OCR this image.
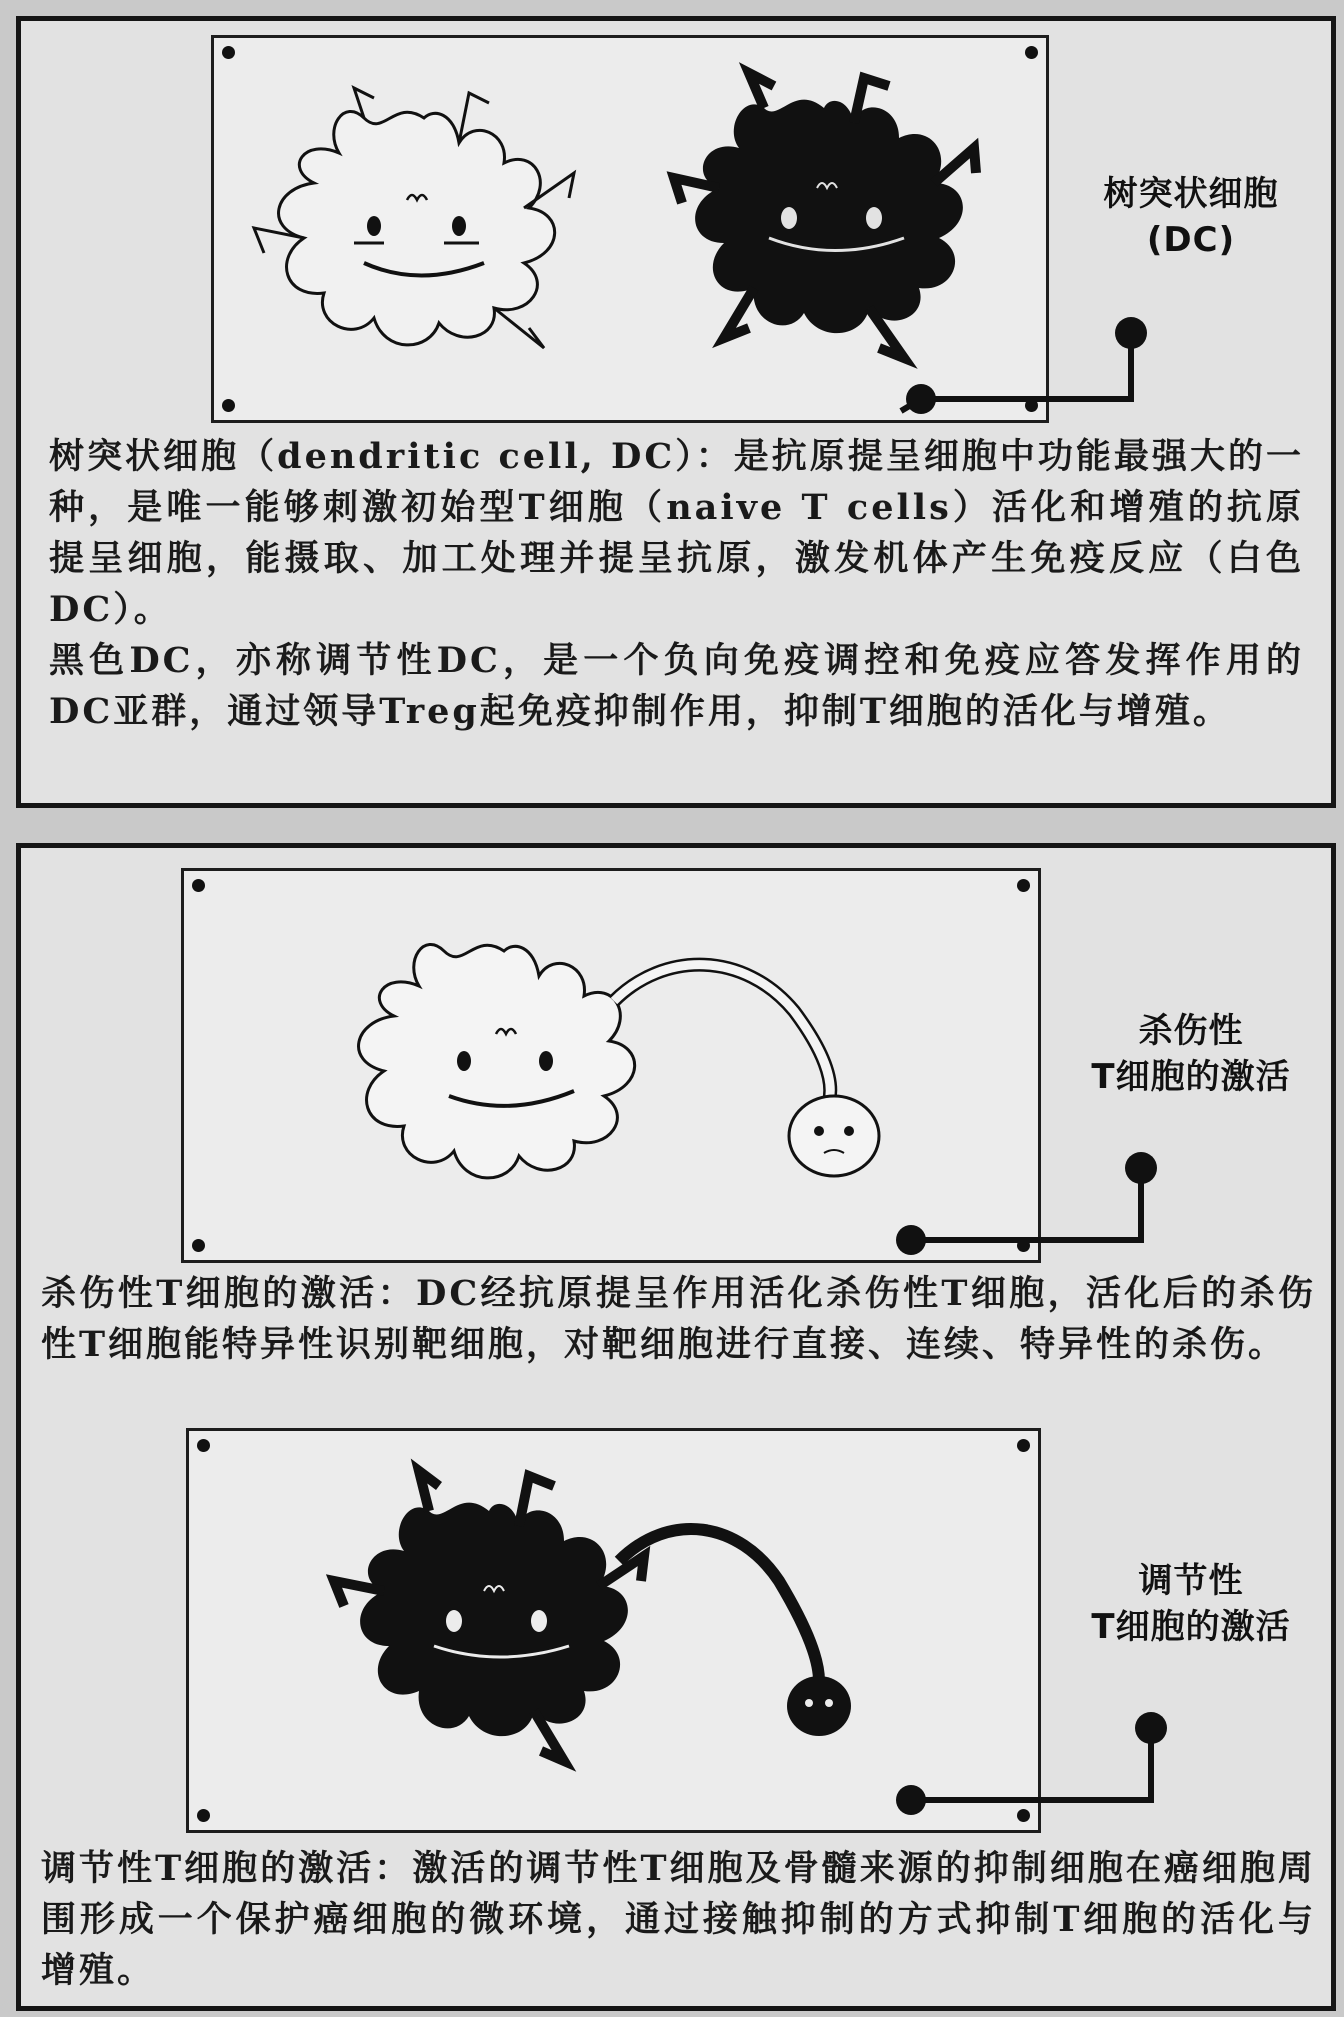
树突状细胞
(DC)
树突状细胞（dendritic cell, DC）：是抗原提呈细胞中功能最强大的一种，是唯一能够刺激初始型T细胞（naive T cells）活化和增殖的抗原提呈细胞，能摄取、加工处理并提呈抗原，激发机体产生免疫反应（白色DC）。
黑色DC，亦称调节性DC，是一个负向免疫调控和免疫应答发挥作用的DC亚群，通过领导Treg起免疫抑制作用，抑制T细胞的活化与增殖。
杀伤性
T细胞的激活
杀伤性T细胞的激活：DC经抗原提呈作用活化杀伤性T细胞，活化后的杀伤性T细胞能特异性识别靶细胞，对靶细胞进行直接、连续、特异性的杀伤。
调节性
T细胞的激活
调节性T细胞的激活：激活的调节性T细胞及骨髓来源的抑制细胞在癌细胞周围形成一个保护癌细胞的微环境，通过接触抑制的方式抑制T细胞的活化与增殖。
